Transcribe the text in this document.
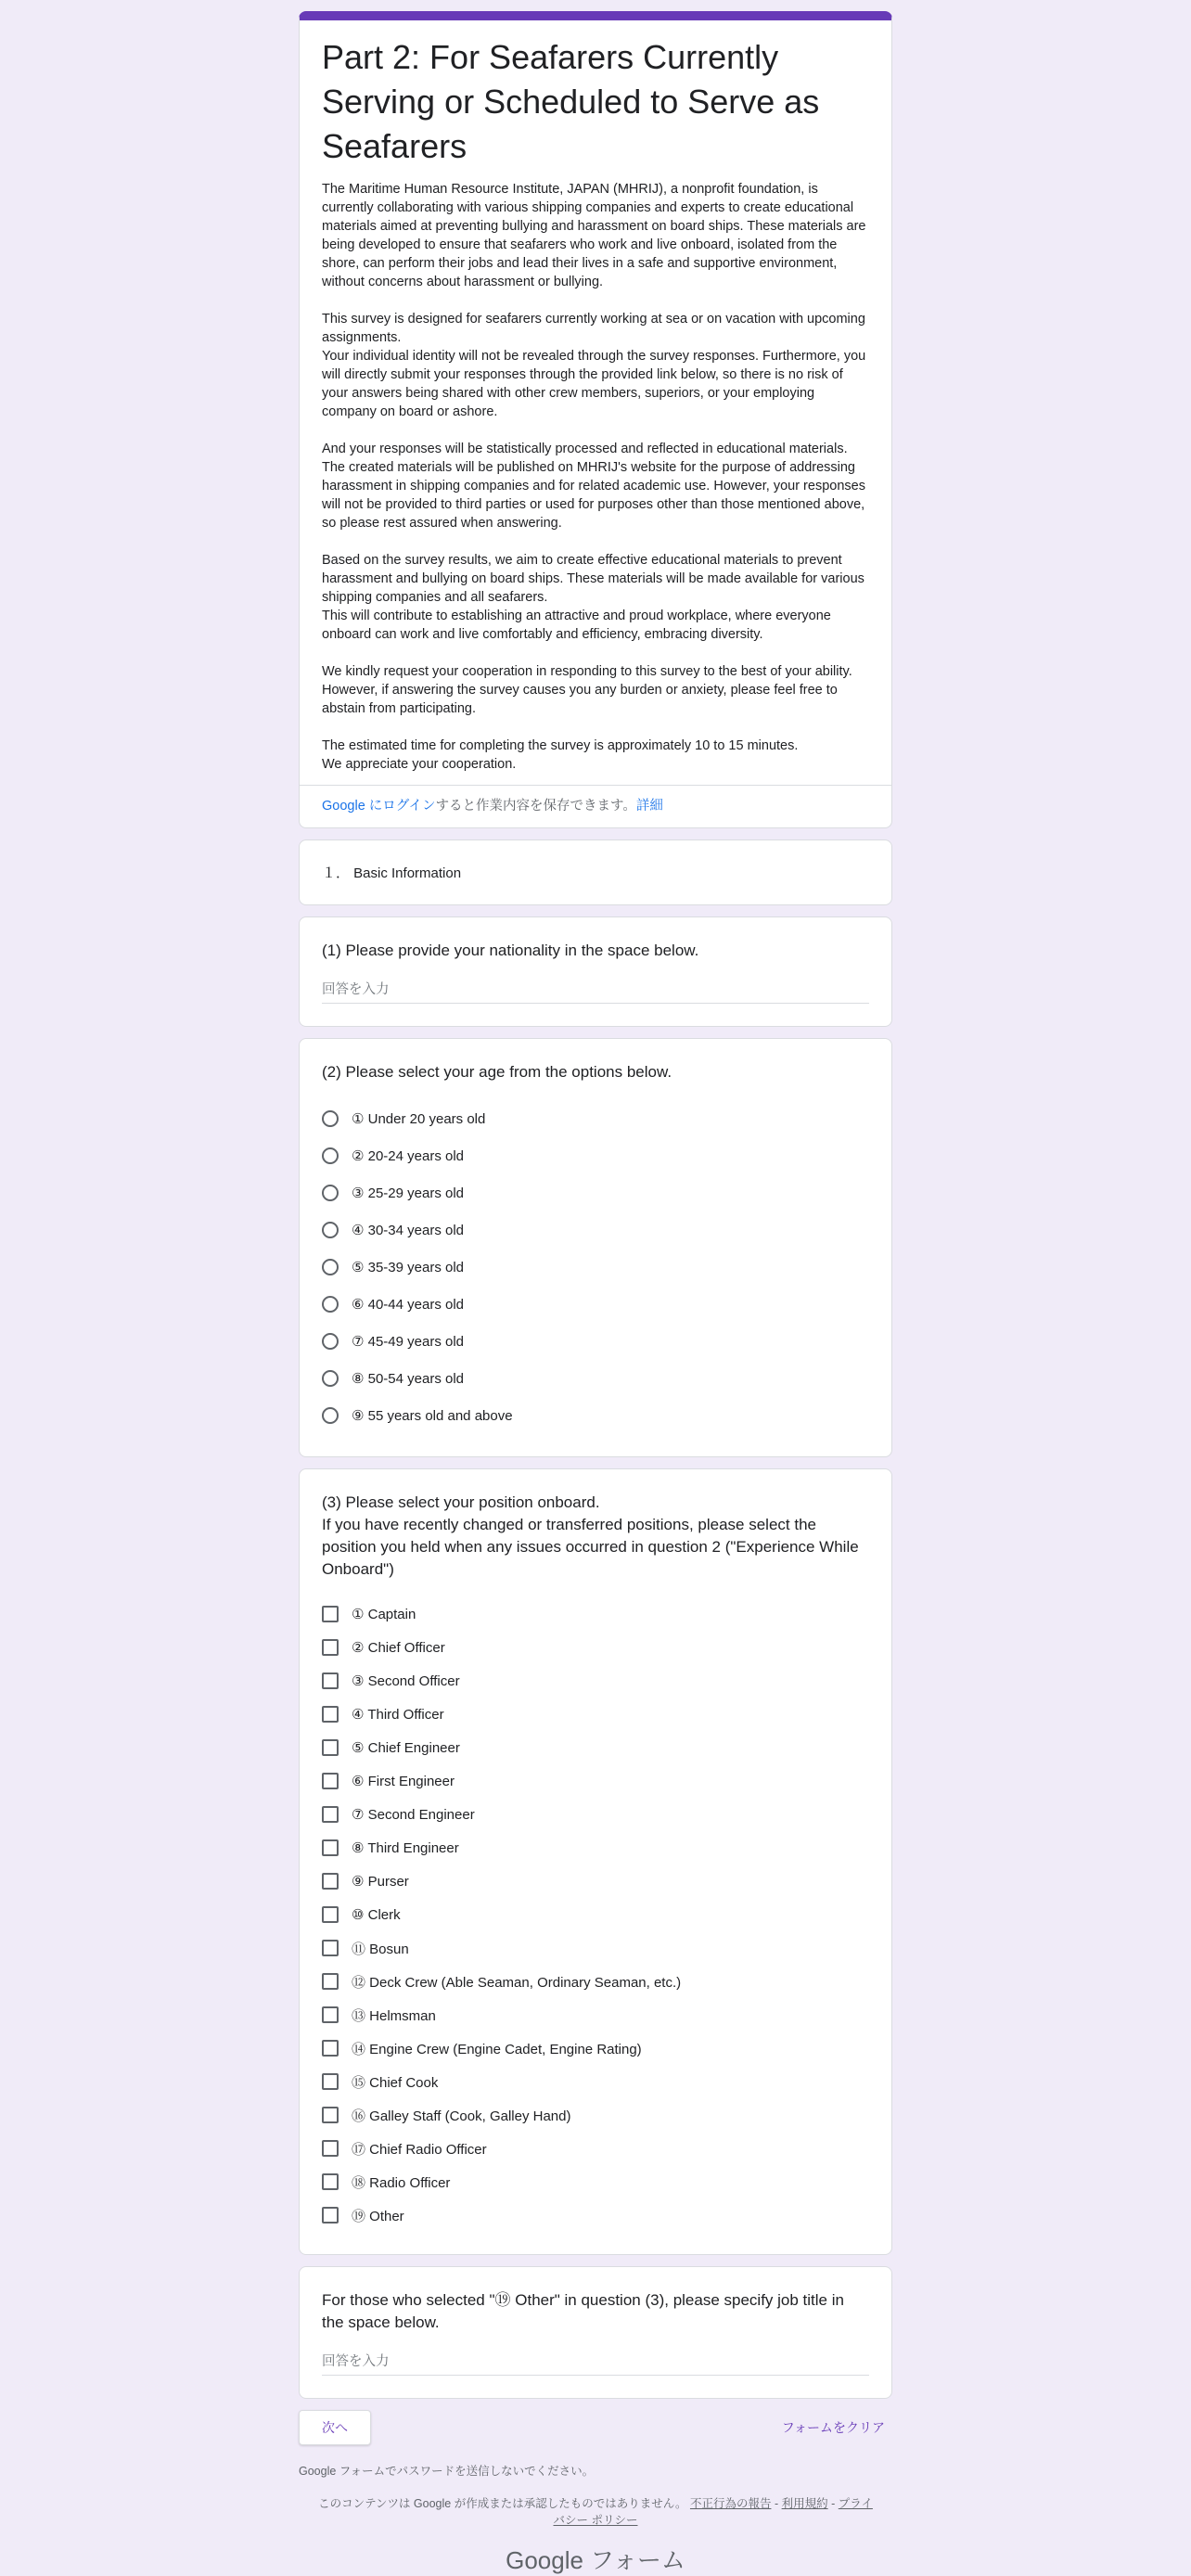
Part 2: For Seafarers Currently Serving or Scheduled to Serve as Seafarers

The Maritime Human Resource Institute, JAPAN (MHRIJ), a nonprofit foundation, is currently collaborating with various shipping companies and experts to create educational materials aimed at preventing bullying and harassment on board ships. These materials are being developed to ensure that seafarers who work and live onboard, isolated from the shore, can perform their jobs and lead their lives in a safe and supportive environment, without concerns about harassment or bullying.

This survey is designed for seafarers currently working at sea or on vacation with upcoming assignments.
Your individual identity will not be revealed through the survey responses. Furthermore, you will directly submit your responses through the provided link below, so there is no risk of your answers being shared with other crew members, superiors, or your employing company on board or ashore.

And your responses will be statistically processed and reflected in educational materials. The created materials will be published on MHRIJ's website for the purpose of addressing harassment in shipping companies and for related academic use. However, your responses will not be provided to third parties or used for purposes other than those mentioned above, so please rest assured when answering.

Based on the survey results, we aim to create effective educational materials to prevent harassment and bullying on board ships. These materials will be made available for various shipping companies and all seafarers.
This will contribute to establishing an attractive and proud workplace, where everyone onboard can work and live comfortably and efficiency, embracing diversity.

We kindly request your cooperation in responding to this survey to the best of your ability.
However, if answering the survey causes you any burden or anxiety, please feel free to abstain from participating.

The estimated time for completing the survey is approximately 10 to 15 minutes.
We appreciate your cooperation.

Google にログインすると作業内容を保存できます。詳細
１． Basic Information
(1) Please provide your nationality in the space below.
回答を入力
(2) Please select your age from the options below.
① Under 20 years old
② 20-24 years old
③ 25-29 years old
④ 30-34 years old
⑤ 35-39 years old
⑥ 40-44 years old
⑦ 45-49 years old
⑧ 50-54 years old
⑨ 55 years old and above
(3) Please select your position onboard.
If you have recently changed or transferred positions, please select the position you held when any issues occurred in question 2 ("Experience While Onboard")
① Captain
② Chief Officer
③ Second Officer
④ Third Officer
⑤ Chief Engineer
⑥ First Engineer
⑦ Second Engineer
⑧ Third Engineer
⑨ Purser
⑩ Clerk
⑪ Bosun
⑫ Deck Crew (Able Seaman, Ordinary Seaman, etc.)
⑬ Helmsman
⑭ Engine Crew (Engine Cadet, Engine Rating)
⑮ Chief Cook
⑯ Galley Staff (Cook, Galley Hand)
⑰ Chief Radio Officer
⑱ Radio Officer
⑲ Other
For those who selected "⑲ Other" in question (3), please specify job title in the space below.
回答を入力
次へ	フォームをクリア
Google フォームでパスワードを送信しないでください。
このコンテンツは Google が作成または承認したものではありません。 不正行為の報告 - 利用規約 - プライバシー ポリシー
Google フォーム
